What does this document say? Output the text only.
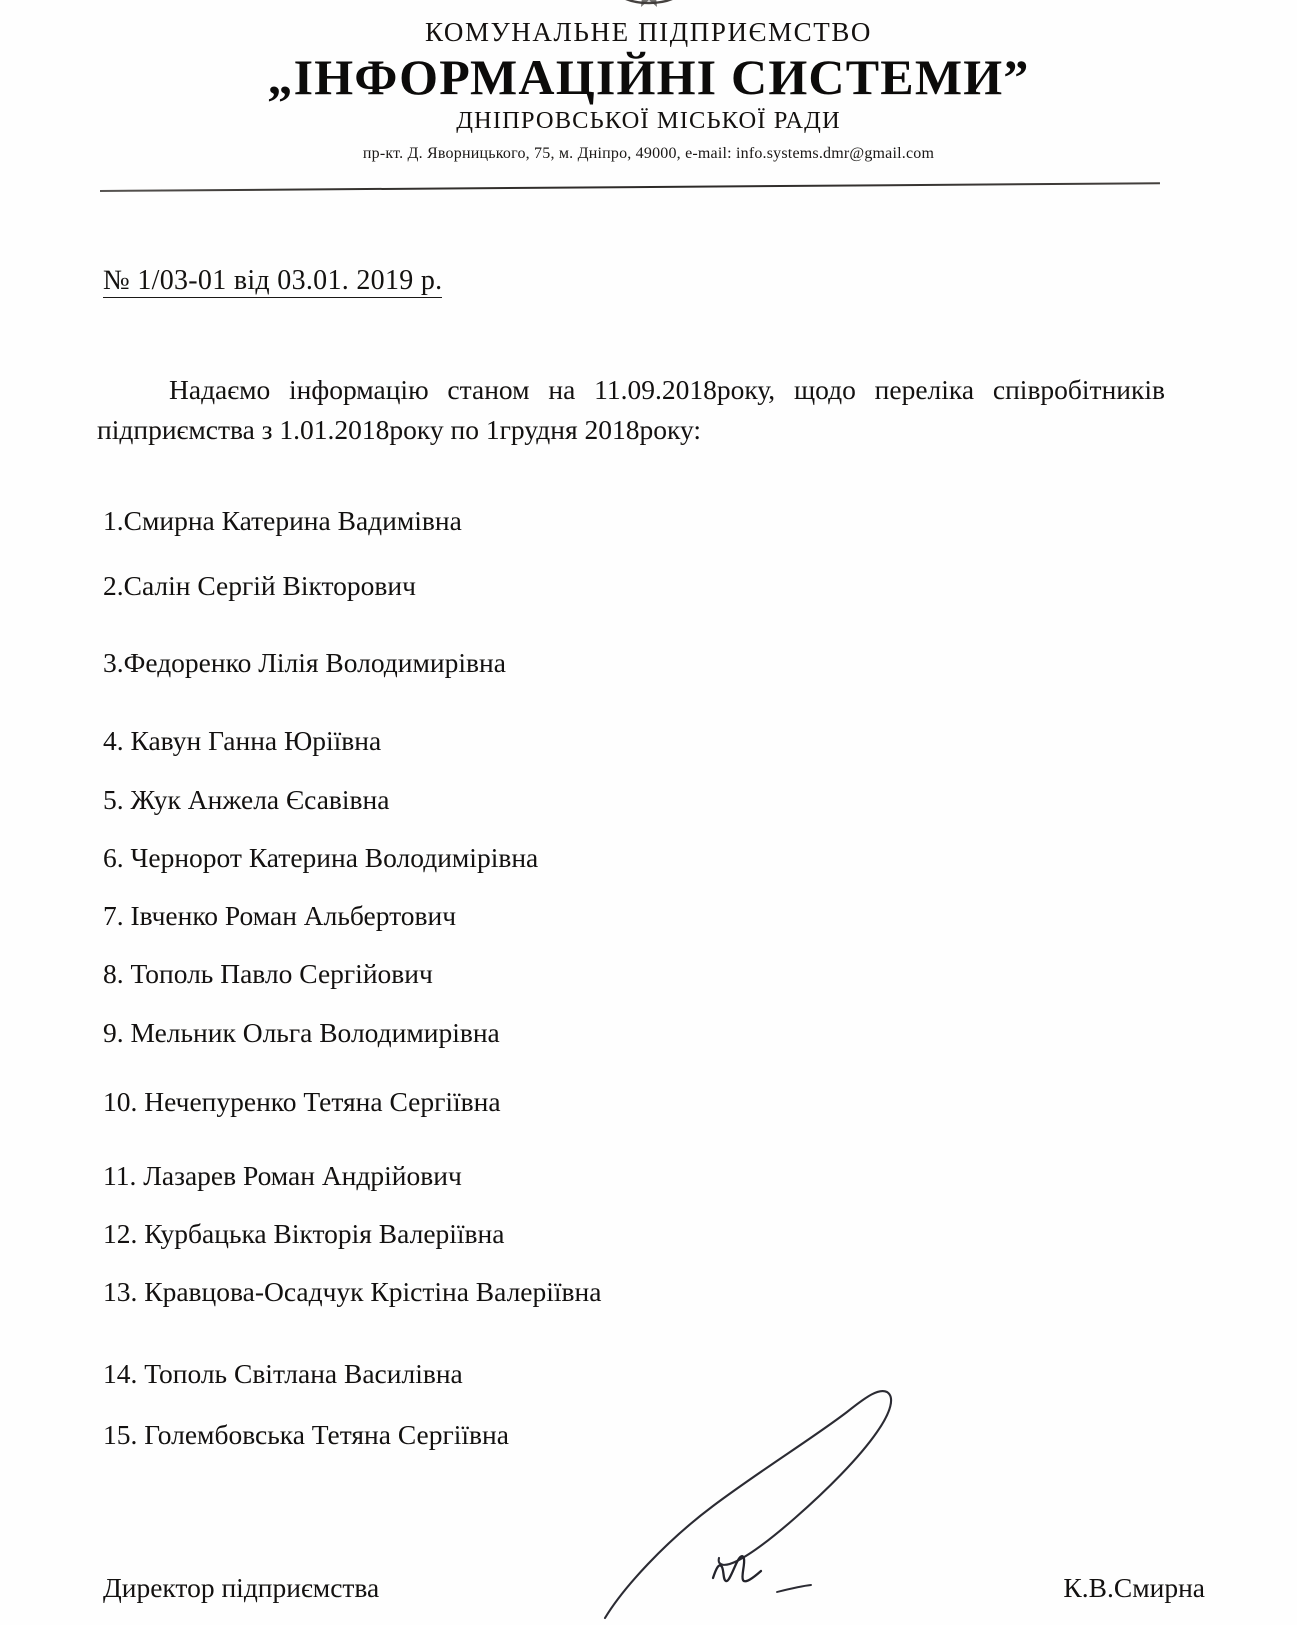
КОМУНАЛЬНЕ ПІДПРИЄМСТВО
„ІНФОРМАЦІЙНІ СИСТЕМИ”
ДНІПРОВСЬКОЇ МІСЬКОЇ РАДИ
пр-кт. Д. Яворницького, 75, м. Дніпро, 49000, e-mail: info.systems.dmr@gmail.com
№ 1/03-01 від 03.01. 2019 р.
Надаємо інформацію станом на 11.09.2018року, щодо переліка співробітників підприємства з 1.01.2018року по 1грудня 2018року:
1.Смирна Катерина Вадимівна
2.Салін Сергій Вікторович
3.Федоренко Лілія Володимирівна
4. Кавун Ганна Юріївна
5. Жук Анжела Єсавівна
6. Чернорот Катерина Володимірівна
7. Івченко Роман Альбертович
8. Тополь Павло Сергійович
9. Мельник Ольга Володимирівна
10. Нечепуренко Тетяна Сергіївна
11. Лазарев Роман Андрійович
12. Курбацька Вікторія Валеріївна
13. Кравцова-Осадчук Крістіна Валеріївна
14. Тополь Світлана Василівна
15. Голембовська Тетяна Сергіївна
Директор підприємства	К.В.Смирна
